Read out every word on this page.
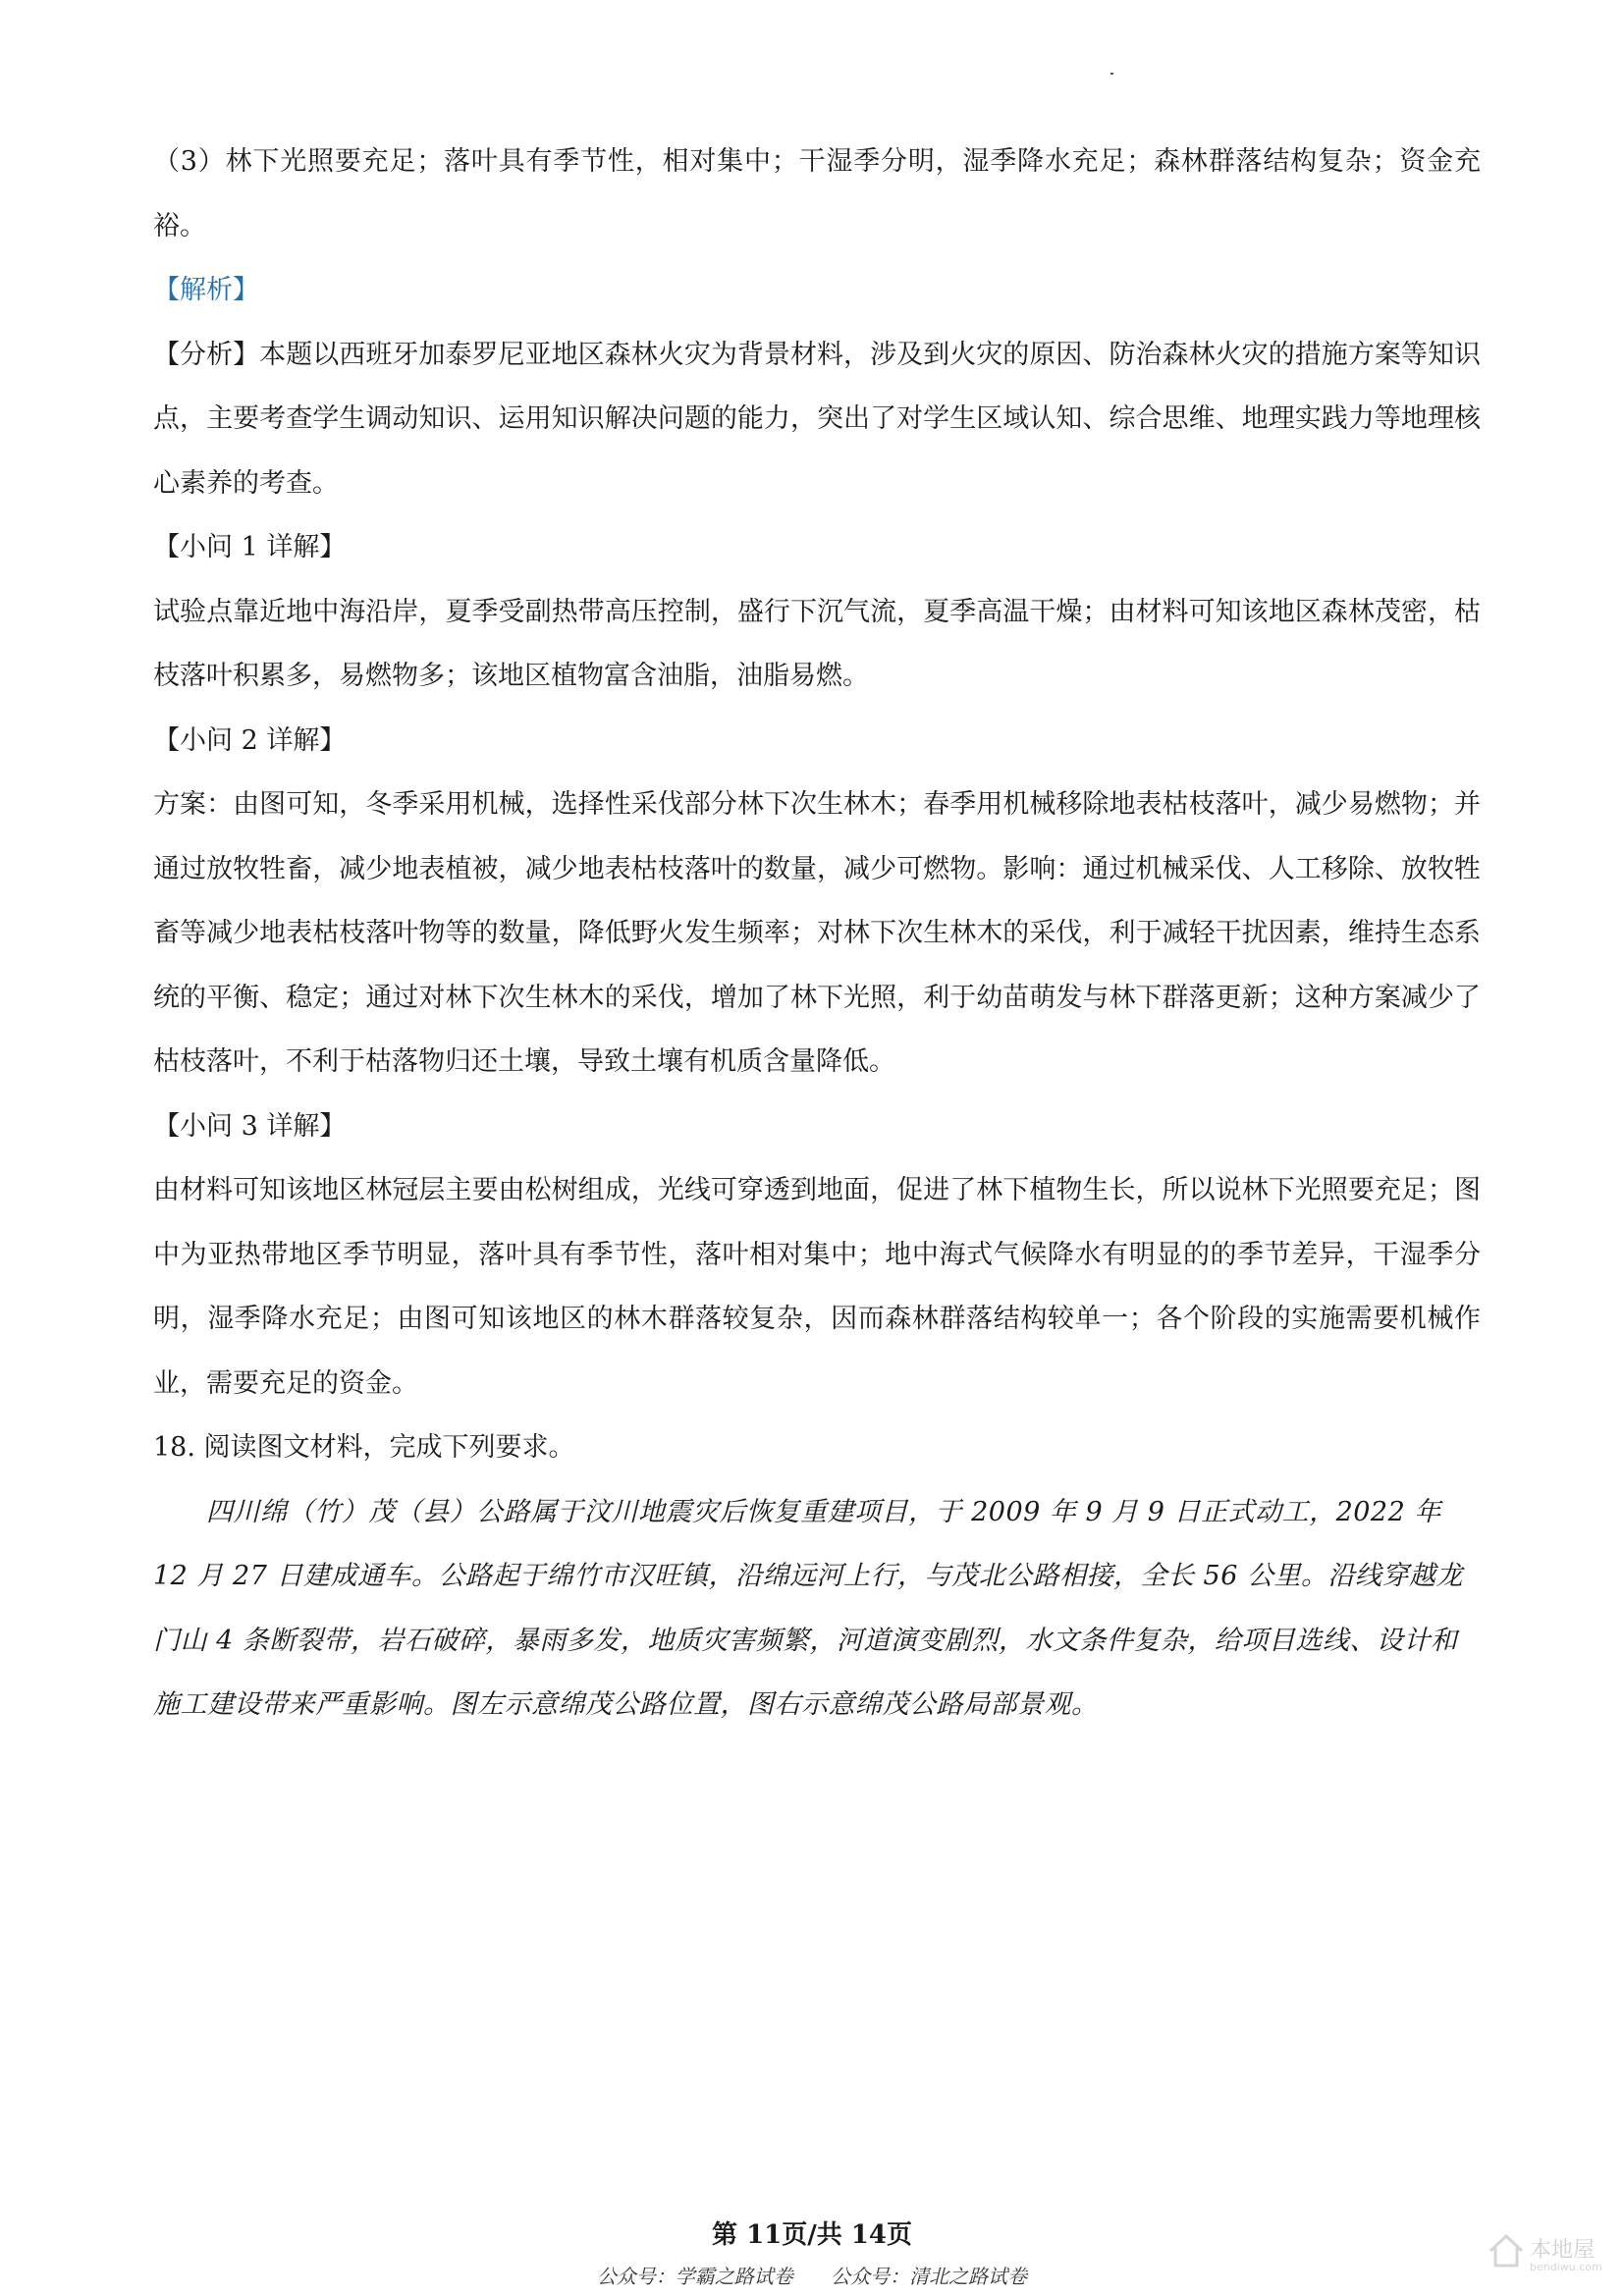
（3）林下光照要充足；落叶具有季节性，相对集中；干湿季分明，湿季降水充足；森林群落结构复杂；资金充裕。

【解析】

【分析】本题以西班牙加泰罗尼亚地区森林火灾为背景材料，涉及到火灾的原因、防治森林火灾的措施方案等知识点，主要考查学生调动知识、运用知识解决问题的能力，突出了对学生区域认知、综合思维、地理实践力等地理核心素养的考查。

【小问 1 详解】

试验点靠近地中海沿岸，夏季受副热带高压控制，盛行下沉气流，夏季高温干燥；由材料可知该地区森林茂密，枯枝落叶积累多，易燃物多；该地区植物富含油脂，油脂易燃。

【小问 2 详解】

方案：由图可知，冬季采用机械，选择性采伐部分林下次生林木；春季用机械移除地表枯枝落叶，减少易燃物；并通过放牧牲畜，减少地表植被，减少地表枯枝落叶的数量，减少可燃物。影响：通过机械采伐、人工移除、放牧牲畜等减少地表枯枝落叶物等的数量，降低野火发生频率；对林下次生林木的采伐，利于减轻干扰因素，维持生态系统的平衡、稳定；通过对林下次生林木的采伐，增加了林下光照，利于幼苗萌发与林下群落更新；这种方案减少了枯枝落叶，不利于枯落物归还土壤，导致土壤有机质含量降低。

【小问 3 详解】

由材料可知该地区林冠层主要由松树组成，光线可穿透到地面，促进了林下植物生长，所以说林下光照要充足；图中为亚热带地区季节明显，落叶具有季节性，落叶相对集中；地中海式气候降水有明显的的季节差异，干湿季分明，湿季降水充足；由图可知该地区的林木群落较复杂，因而森林群落结构较单一；各个阶段的实施需要机械作业，需要充足的资金。

18. 阅读图文材料，完成下列要求。

四川绵（竹）茂（县）公路属于汶川地震灾后恢复重建项目，于 2009 年 9 月 9 日正式动工，2022 年 12 月 27 日建成通车。公路起于绵竹市汉旺镇，沿绵远河上行，与茂北公路相接，全长 56 公里。沿线穿越龙门山 4 条断裂带，岩石破碎，暴雨多发，地质灾害频繁，河道演变剧烈，水文条件复杂，给项目选线、设计和施工建设带来严重影响。图左示意绵茂公路位置，图右示意绵茂公路局部景观。

第 11页/共 14页
公众号：学霸之路试卷 公众号：清北之路试卷
本地屋
bendiwu.com
